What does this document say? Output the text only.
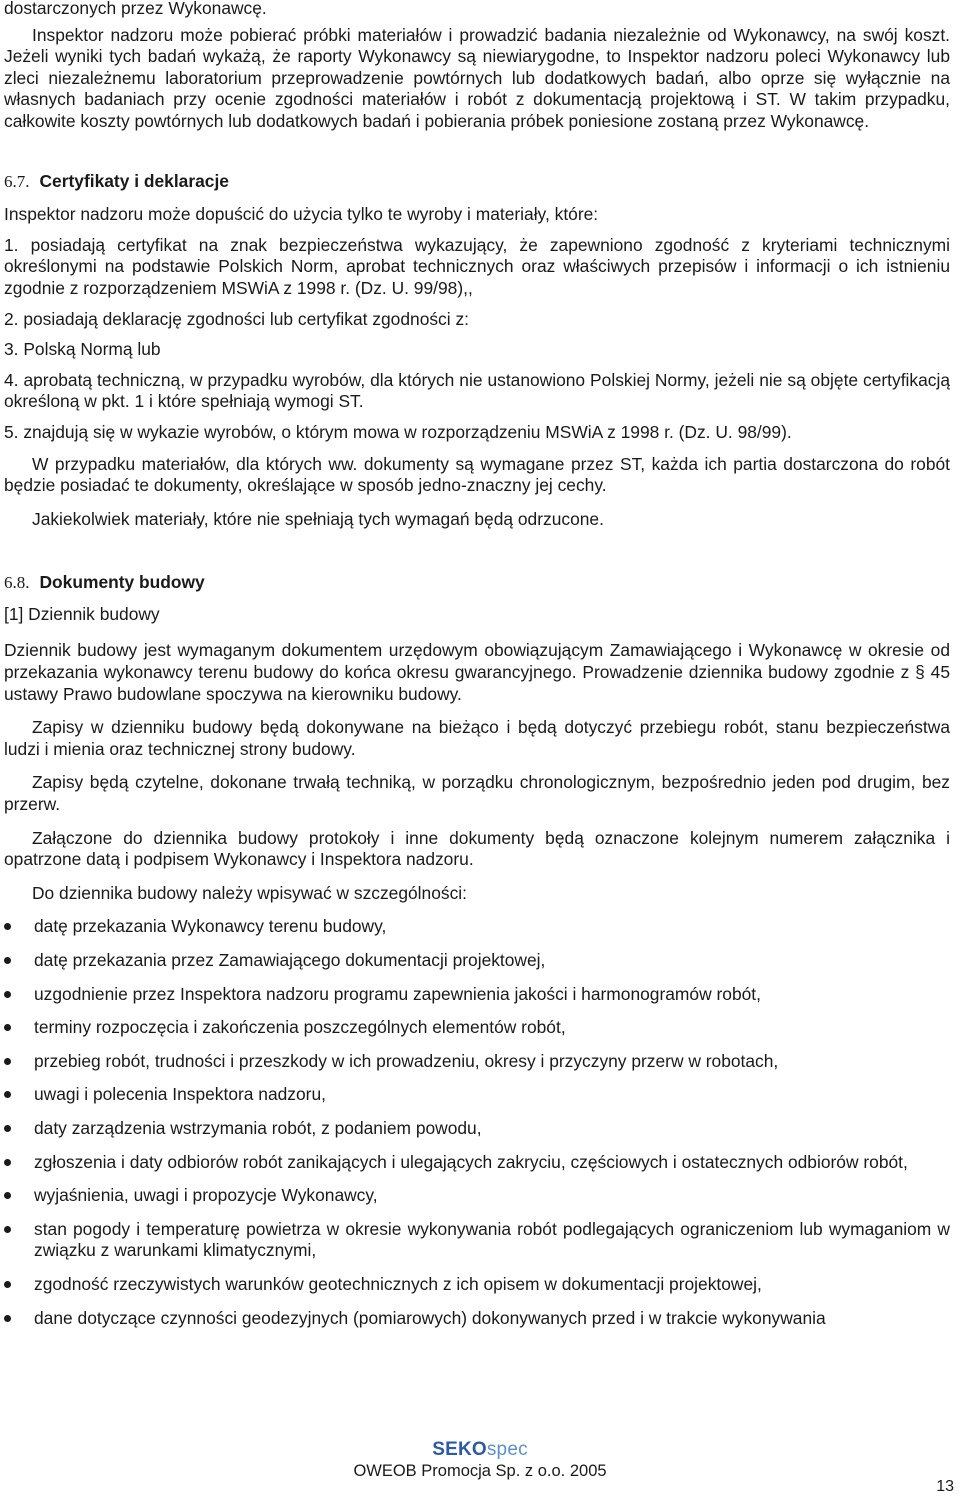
dostarczonych przez Wykonawcę.

Inspektor nadzoru może pobierać próbki materiałów i prowadzić badania niezależnie od Wykonawcy, na swój koszt. Jeżeli wyniki tych badań wykażą, że raporty Wykonawcy są niewiarygodne, to Inspektor nadzoru poleci Wykonawcy lub zleci niezależnemu laboratorium przeprowadzenie powtórnych lub dodatkowych badań, albo oprze się wyłącznie na własnych badaniach przy ocenie zgodności materiałów i robót z dokumentacją projektową i ST. W takim przypadku, całkowite koszty powtórnych lub dodatkowych badań i pobierania próbek poniesione zostaną przez Wykonawcę.

6.7. Certyfikaty i deklaracje

Inspektor nadzoru może dopuścić do użycia tylko te wyroby i materiały, które:

1. posiadają certyfikat na znak bezpieczeństwa wykazujący, że zapewniono zgodność z kryteriami technicznymi określonymi na podstawie Polskich Norm, aprobat technicznych oraz właściwych przepisów i informacji o ich istnieniu zgodnie z rozporządzeniem MSWiA z 1998 r. (Dz. U. 99/98),,
2. posiadają deklarację zgodności lub certyfikat zgodności z:
3. Polską Normą lub
4. aprobatą techniczną, w przypadku wyrobów, dla których nie ustanowiono Polskiej Normy, jeżeli nie są objęte certyfikacją określoną w pkt. 1 i które spełniają wymogi ST.
5. znajdują się w wykazie wyrobów, o którym mowa w rozporządzeniu MSWiA z 1998 r. (Dz. U. 98/99).

W przypadku materiałów, dla których ww. dokumenty są wymagane przez ST, każda ich partia dostarczona do robót będzie posiadać te dokumenty, określające w sposób jedno-znaczny jej cechy.

Jakiekolwiek materiały, które nie spełniają tych wymagań będą odrzucone.

6.8. Dokumenty budowy

[1] Dziennik budowy

Dziennik budowy jest wymaganym dokumentem urzędowym obowiązującym Zamawiającego i Wykonawcę w okresie od przekazania wykonawcy terenu budowy do końca okresu gwarancyjnego. Prowadzenie dziennika budowy zgodnie z § 45 ustawy Prawo budowlane spoczywa na kierowniku budowy.

Zapisy w dzienniku budowy będą dokonywane na bieżąco i będą dotyczyć przebiegu robót, stanu bezpieczeństwa ludzi i mienia oraz technicznej strony budowy.

Zapisy będą czytelne, dokonane trwałą techniką, w porządku chronologicznym, bezpośrednio jeden pod drugim, bez przerw.

Załączone do dziennika budowy protokoły i inne dokumenty będą oznaczone kolejnym numerem załącznika i opatrzone datą i podpisem Wykonawcy i Inspektora nadzoru.

Do dziennika budowy należy wpisywać w szczególności:

datę przekazania Wykonawcy terenu budowy,
datę przekazania przez Zamawiającego dokumentacji projektowej,
uzgodnienie przez Inspektora nadzoru programu zapewnienia jakości i harmonogramów robót,
terminy rozpoczęcia i zakończenia poszczególnych elementów robót,
przebieg robót, trudności i przeszkody w ich prowadzeniu, okresy i przyczyny przerw w robotach,
uwagi i polecenia Inspektora nadzoru,
daty zarządzenia wstrzymania robót, z podaniem powodu,
zgłoszenia i daty odbiorów robót zanikających i ulegających zakryciu, częściowych i ostatecznych odbiorów robót,
wyjaśnienia, uwagi i propozycje Wykonawcy,
stan pogody i temperaturę powietrza w okresie wykonywania robót podlegających ograniczeniom lub wymaganiom w związku z warunkami klimatycznymi,
zgodność rzeczywistych warunków geotechnicznych z ich opisem w dokumentacji projektowej,
dane dotyczące czynności geodezyjnych (pomiarowych) dokonywanych przed i w trakcie wykonywania
SEKOspec
OWEOB Promocja Sp. z o.o. 2005
13
